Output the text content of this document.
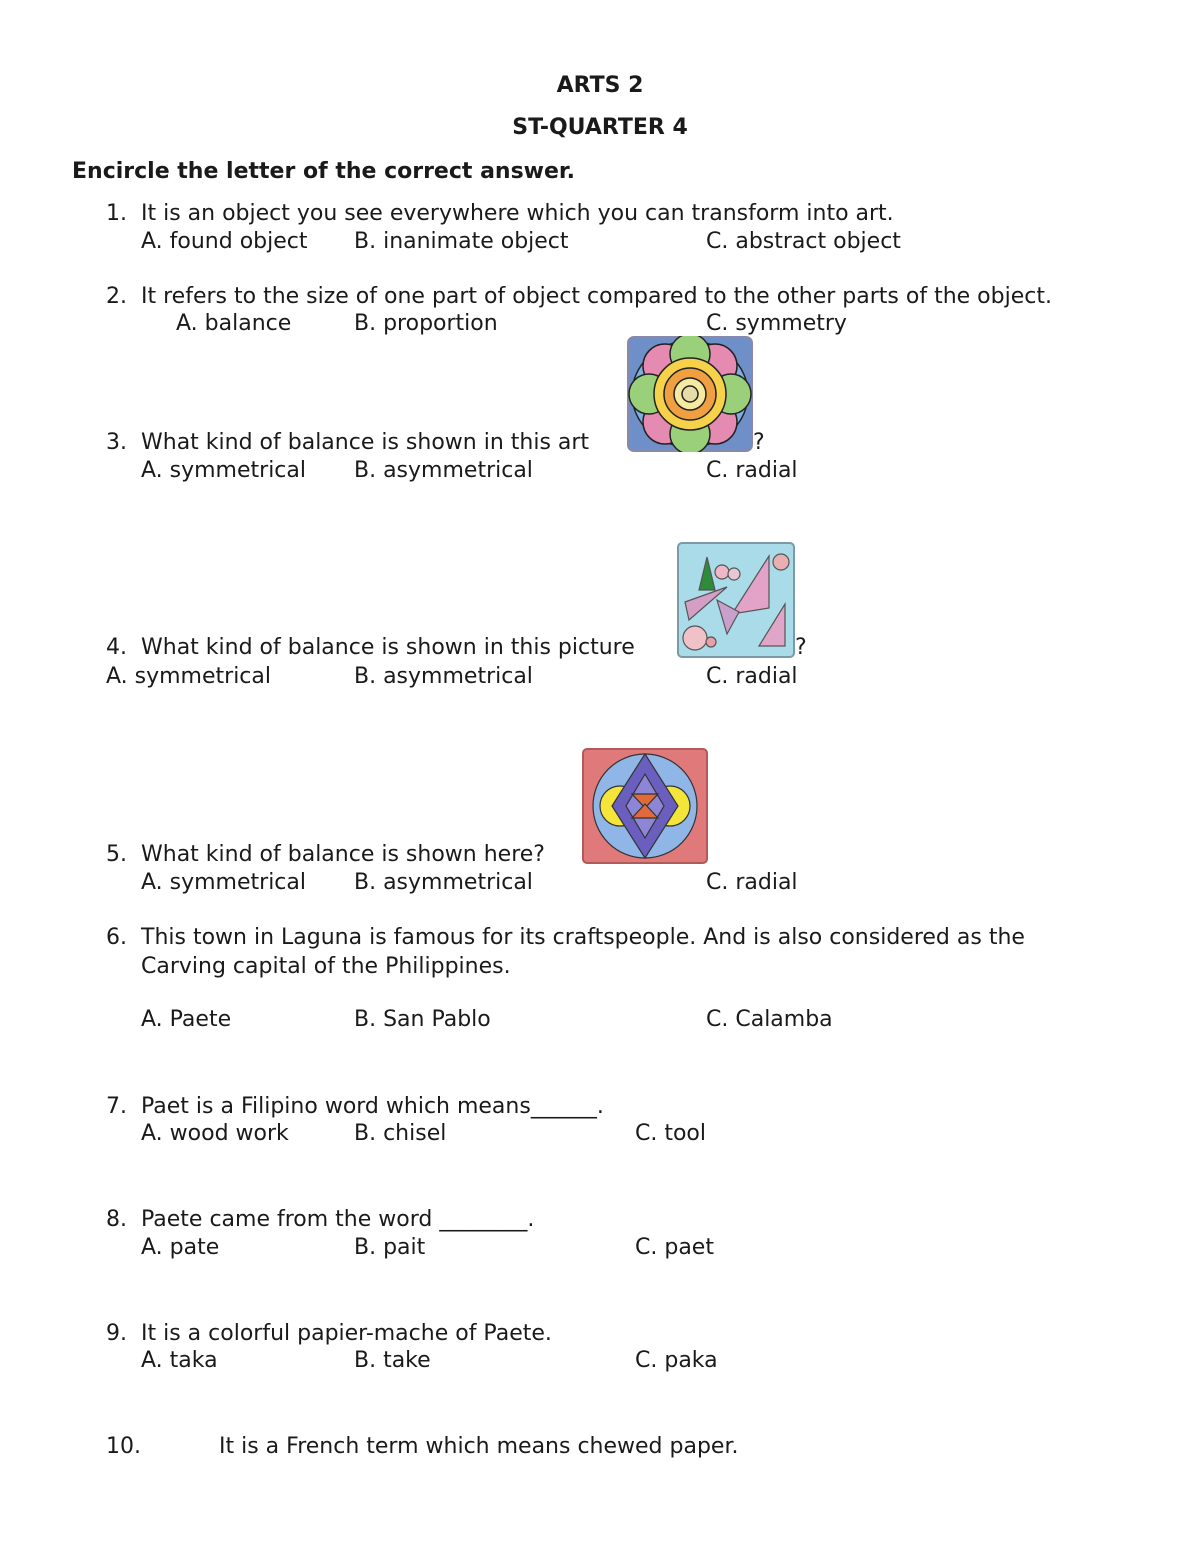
ARTS 2
ST-QUARTER 4
Encircle the letter of the correct answer.
1. It is an object you see everywhere which you can transform into art.
A. found object B. inanimate object	C. abstract object
2. It refers to the size of one part of object compared to the other parts of the object.
A. balance	B. proportion	C. symmetry
3. What kind of balance is shown in this art	?
A. symmetrical B. asymmetrical	C. radial
4. What kind of balance is shown in this picture	?
A. symmetrical	B. asymmetrical	C. radial
5. What kind of balance is shown here?
A. symmetrical B. asymmetrical	C. radial
6. This town in Laguna is famous for its craftspeople. And is also considered as the
Carving capital of the Philippines.
A. Paete	B. San Pablo	C. Calamba
7. Paet is a Filipino word which means______.
A. wood work	B. chisel	C. tool
8. Paete came from the word ________.
A. pate	B. pait	C. paet
9. It is a colorful papier-mache of Paete.
A. taka	B. take	C. paka
10.	It is a French term which means chewed paper.
